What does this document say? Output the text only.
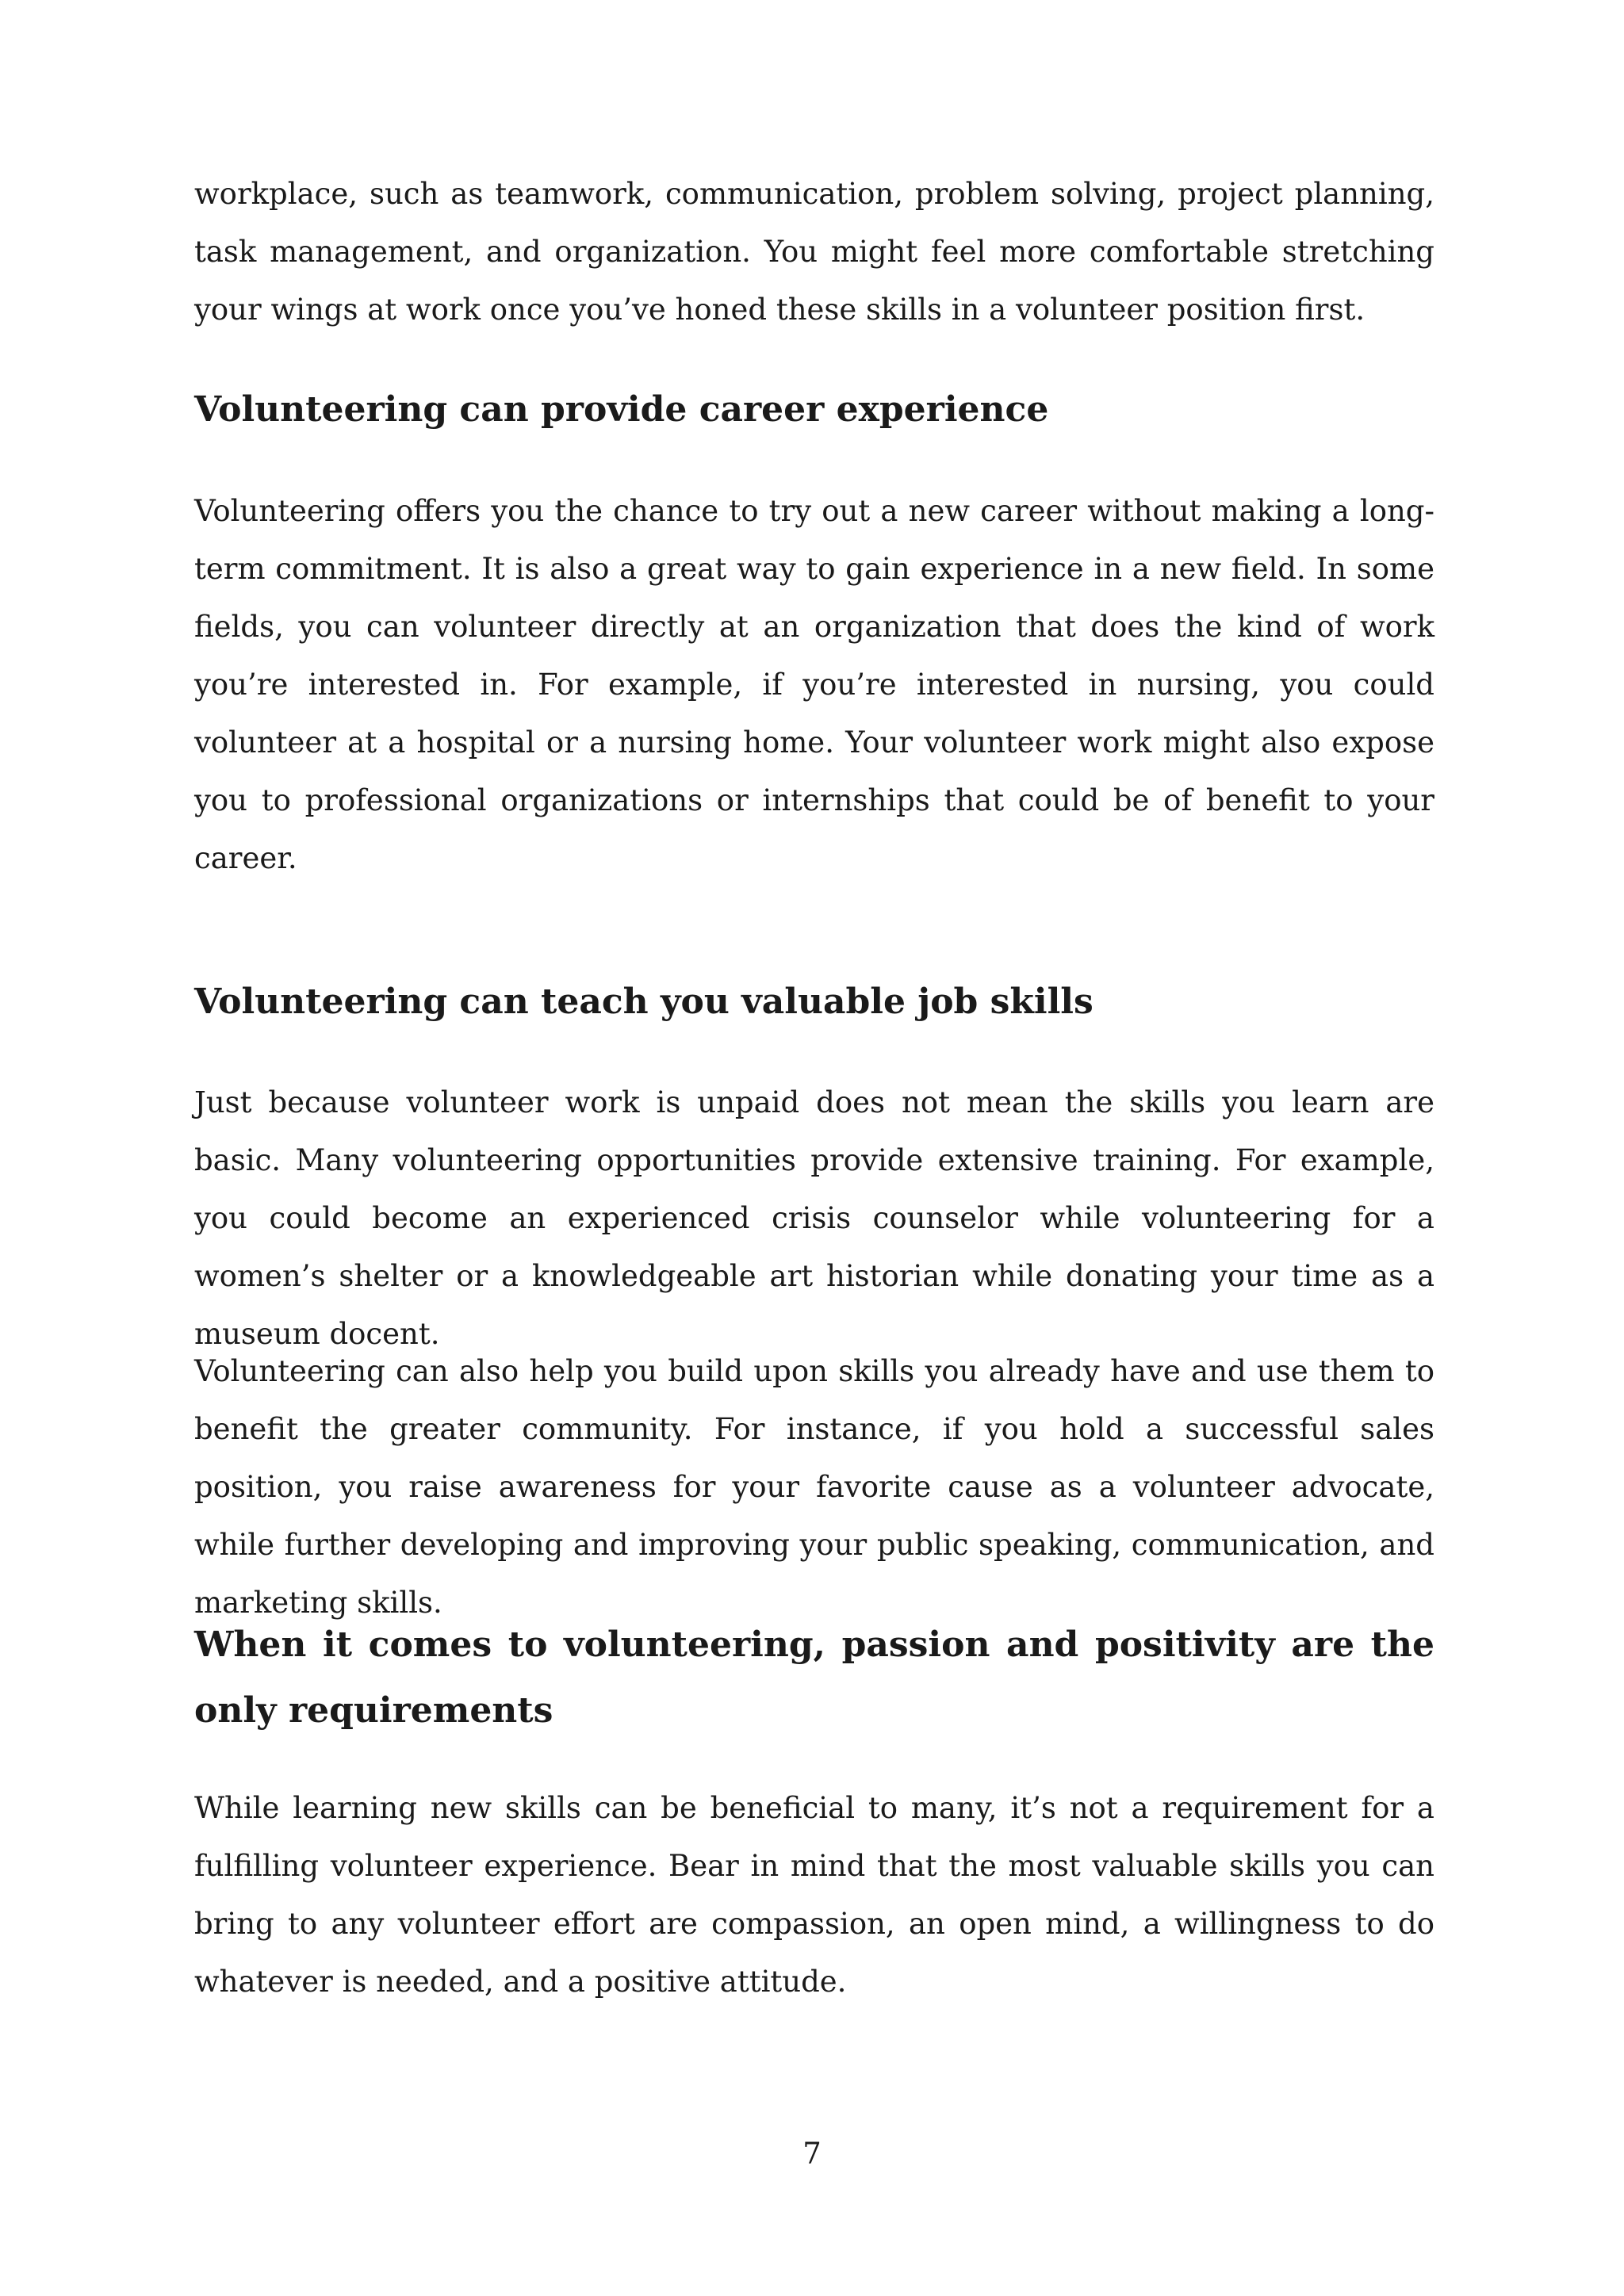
workplace, such as teamwork, communication, problem solving, project planning, task management, and organization. You might feel more comfortable stretching your wings at work once you’ve honed these skills in a volunteer position first.

Volunteering can provide career experience

Volunteering offers you the chance to try out a new career without making a long-term commitment. It is also a great way to gain experience in a new field. In some fields, you can volunteer directly at an organization that does the kind of work you’re interested in. For example, if you’re interested in nursing, you could volunteer at a hospital or a nursing home. Your volunteer work might also expose you to professional organizations or internships that could be of benefit to your career.

Volunteering can teach you valuable job skills

Just because volunteer work is unpaid does not mean the skills you learn are basic. Many volunteering opportunities provide extensive training. For example, you could become an experienced crisis counselor while volunteering for a women’s shelter or a knowledgeable art historian while donating your time as a museum docent.

Volunteering can also help you build upon skills you already have and use them to benefit the greater community. For instance, if you hold a successful sales position, you raise awareness for your favorite cause as a volunteer advocate, while further developing and improving your public speaking, communication, and marketing skills.

When it comes to volunteering, passion and positivity are the only requirements

While learning new skills can be beneficial to many, it’s not a requirement for a fulfilling volunteer experience. Bear in mind that the most valuable skills you can bring to any volunteer effort are compassion, an open mind, a willingness to do whatever is needed, and a positive attitude.

7
